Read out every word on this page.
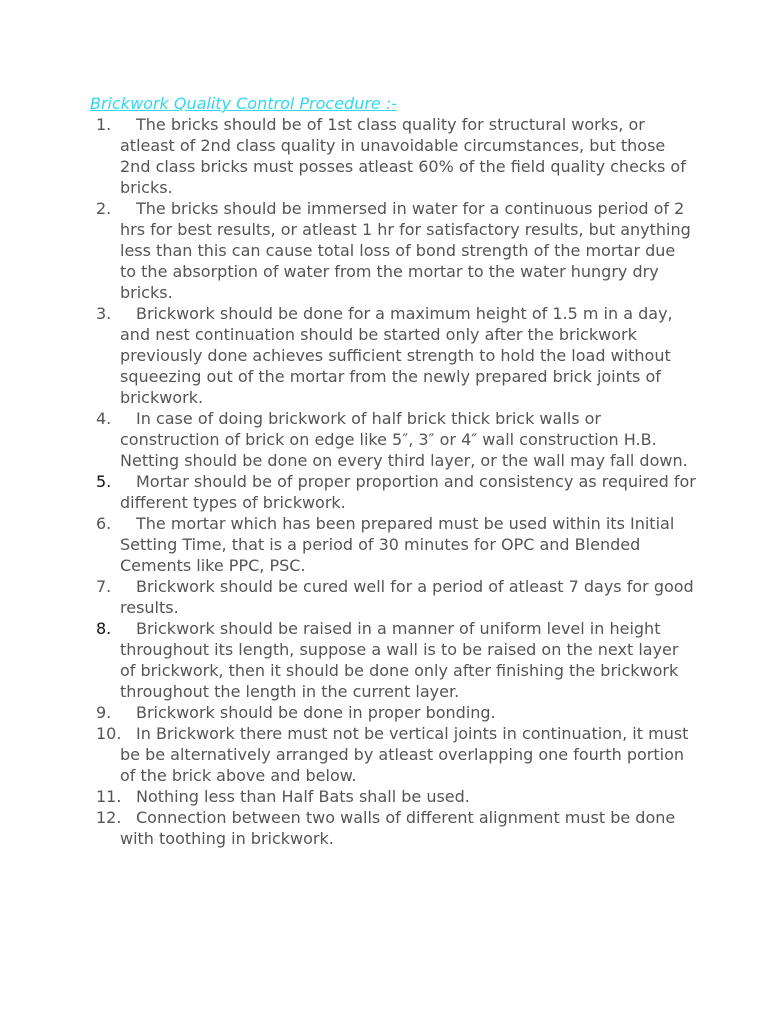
Brickwork Quality Control Procedure :-
1.	The bricks should be of 1st class quality for structural works, or atleast of 2nd class quality in unavoidable circumstances, but those 2nd class bricks must posses atleast 60% of the field quality checks of bricks.
2.	The bricks should be immersed in water for a continuous period of 2 hrs for best results, or atleast 1 hr for satisfactory results, but anything less than this can cause total loss of bond strength of the mortar due to the absorption of water from the mortar to the water hungry dry bricks.
3.	Brickwork should be done for a maximum height of 1.5 m in a day, and nest continuation should be started only after the brickwork previously done achieves sufficient strength to hold the load without squeezing out of the mortar from the newly prepared brick joints of brickwork.
4.	In case of doing brickwork of half brick thick brick walls or construction of brick on edge like 5″, 3″ or 4″ wall construction H.B. Netting should be done on every third layer, or the wall may fall down.
5.	Mortar should be of proper proportion and consistency as required for different types of brickwork.
6.	The mortar which has been prepared must be used within its Initial Setting Time, that is a period of 30 minutes for OPC and Blended Cements like PPC, PSC.
7.	Brickwork should be cured well for a period of atleast 7 days for good results.
8.	Brickwork should be raised in a manner of uniform level in height throughout its length, suppose a wall is to be raised on the next layer of brickwork, then it should be done only after finishing the brickwork throughout the length in the current layer.
9.	Brickwork should be done in proper bonding.
10. In Brickwork there must not be vertical joints in continuation, it must be be alternatively arranged by atleast overlapping one fourth portion of the brick above and below.
11. Nothing less than Half Bats shall be used.
12. Connection between two walls of different alignment must be done with toothing in brickwork.
